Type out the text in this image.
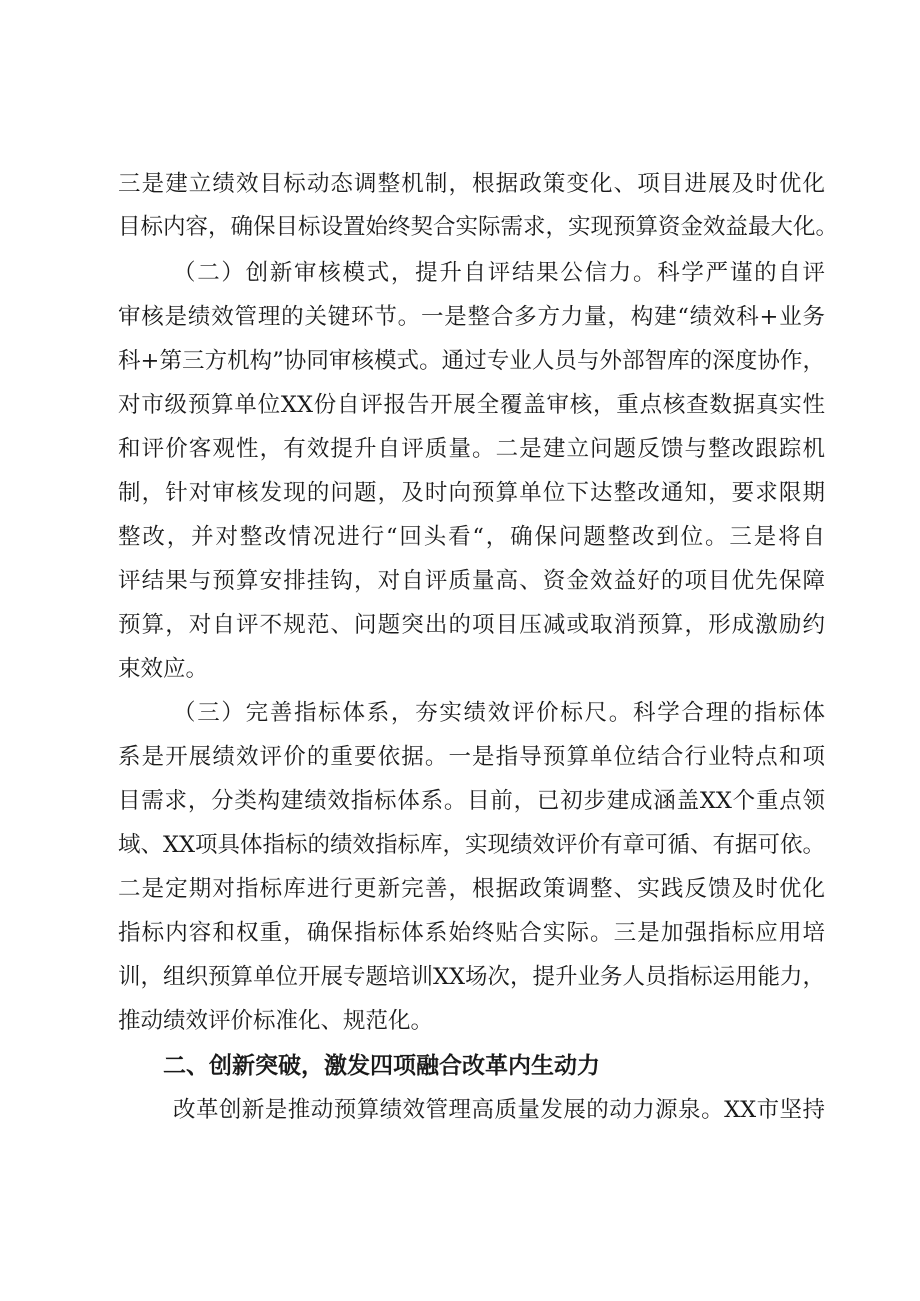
三是建立绩效目标动态调整机制，根据政策变化、项目进展及时优化
目标内容，确保目标设置始终契合实际需求，实现预算资金效益最大化。
（二）创新审核模式，提升自评结果公信力。科学严谨的自评
审核是绩效管理的关键环节。一是整合多方力量，构建“绩效科+业务
科+第三方机构”协同审核模式。通过专业人员与外部智库的深度协作，
对市级预算单位XX份自评报告开展全覆盖审核，重点核查数据真实性
和评价客观性，有效提升自评质量。二是建立问题反馈与整改跟踪机
制，针对审核发现的问题，及时向预算单位下达整改通知，要求限期
整改，并对整改情况进行“回头看“，确保问题整改到位。三是将自
评结果与预算安排挂钩，对自评质量高、资金效益好的项目优先保障
预算，对自评不规范、问题突出的项目压减或取消预算，形成激励约
束效应。
（三）完善指标体系，夯实绩效评价标尺。科学合理的指标体
系是开展绩效评价的重要依据。一是指导预算单位结合行业特点和项
目需求，分类构建绩效指标体系。目前，已初步建成涵盖XX个重点领
域、XX项具体指标的绩效指标库，实现绩效评价有章可循、有据可依。
二是定期对指标库进行更新完善，根据政策调整、实践反馈及时优化
指标内容和权重，确保指标体系始终贴合实际。三是加强指标应用培
训，组织预算单位开展专题培训XX场次，提升业务人员指标运用能力，
推动绩效评价标准化、规范化。
二、创新突破，激发四项融合改革内生动力
改革创新是推动预算绩效管理高质量发展的动力源泉。XX市坚持
